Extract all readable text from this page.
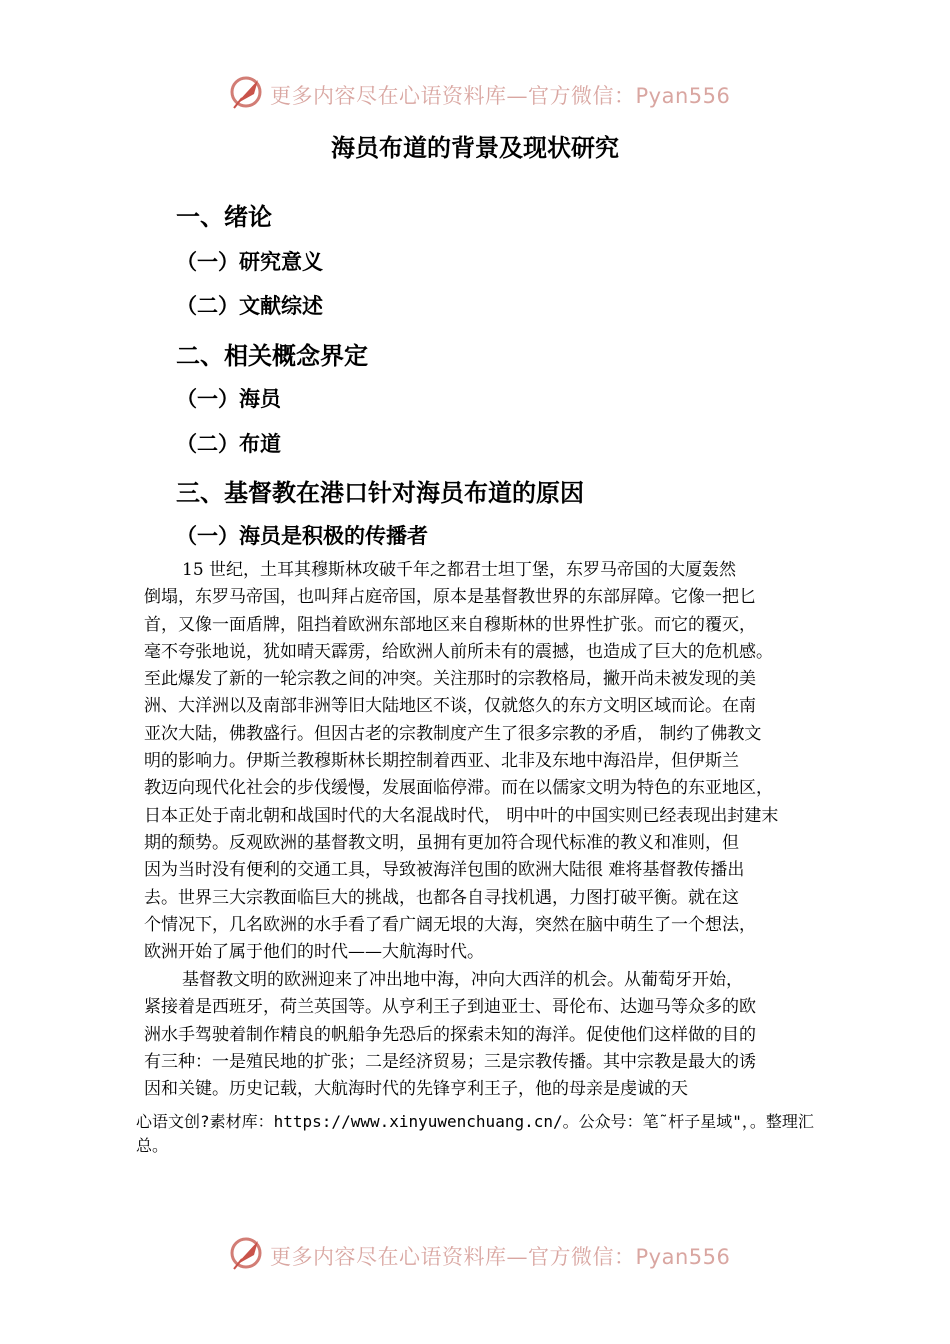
更多内容尽在心语资料库—官方微信：Pyan556
海员布道的背景及现状研究
一、绪论
（一）研究意义
（二）文献综述
二、相关概念界定
（一）海员
（二）布道
三、基督教在港口针对海员布道的原因
（一）海员是积极的传播者
15 世纪，土耳其穆斯林攻破千年之都君士坦丁堡，东罗马帝国的大厦轰然
倒塌，东罗马帝国，也叫拜占庭帝国，原本是基督教世界的东部屏障。它像一把匕
首，又像一面盾牌，阻挡着欧洲东部地区来自穆斯林的世界性扩张。而它的覆灭，
毫不夸张地说，犹如晴天霹雳，给欧洲人前所未有的震撼，也造成了巨大的危机感。
至此爆发了新的一轮宗教之间的冲突。关注那时的宗教格局，撇开尚未被发现的美
洲、大洋洲以及南部非洲等旧大陆地区不谈，仅就悠久的东方文明区域而论。在南
亚次大陆，佛教盛行。但因古老的宗教制度产生了很多宗教的矛盾， 制约了佛教文
明的影响力。伊斯兰教穆斯林长期控制着西亚、北非及东地中海沿岸，但伊斯兰
教迈向现代化社会的步伐缓慢，发展面临停滞。而在以儒家文明为特色的东亚地区，
日本正处于南北朝和战国时代的大名混战时代， 明中叶的中国实则已经表现出封建末
期的颓势。反观欧洲的基督教文明，虽拥有更加符合现代标准的教义和准则，但
因为当时没有便利的交通工具，导致被海洋包围的欧洲大陆很 难将基督教传播出
去。世界三大宗教面临巨大的挑战，也都各自寻找机遇，力图打破平衡。就在这
个情况下，几名欧洲的水手看了看广阔无垠的大海，突然在脑中萌生了一个想法，
欧洲开始了属于他们的时代——大航海时代。
基督教文明的欧洲迎来了冲出地中海，冲向大西洋的机会。从葡萄牙开始，
紧接着是西班牙，荷兰英国等。从亨利王子到迪亚士、哥伦布、达迦马等众多的欧
洲水手驾驶着制作精良的帆船争先恐后的探索未知的海洋。促使他们这样做的目的
有三种：一是殖民地的扩张；二是经济贸易；三是宗教传播。其中宗教是最大的诱
因和关键。历史记载，大航海时代的先锋亨利王子，他的母亲是虔诚的天
心语文创?素材库：https://www.xinyuwenchuang.cn/。公众号：笔˜杆子星域"，。整理汇
总。
更多内容尽在心语资料库—官方微信：Pyan556
